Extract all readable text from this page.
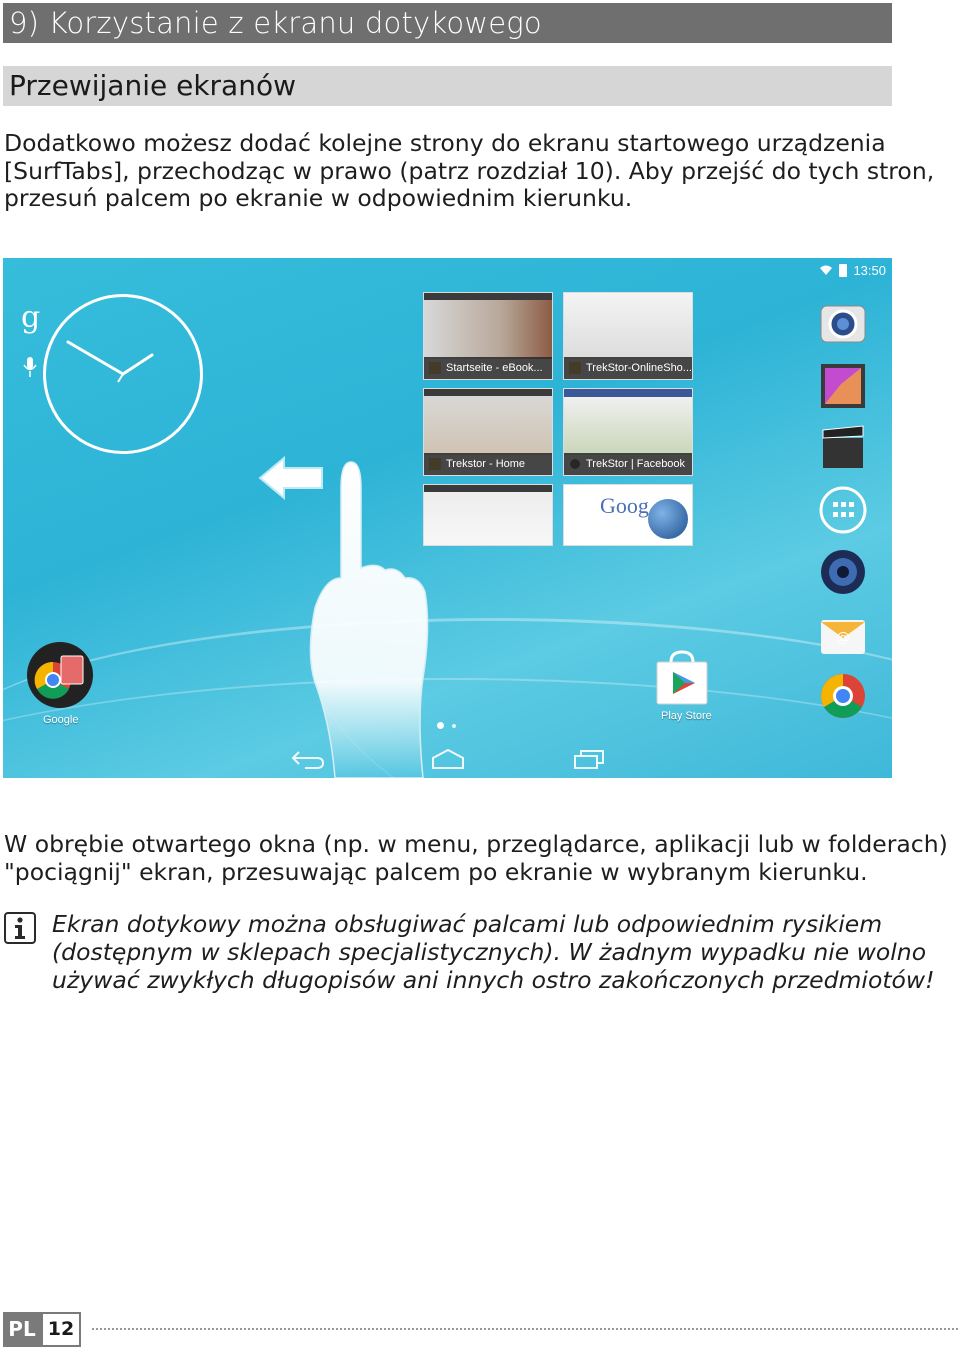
9) Korzystanie z ekranu dotykowego
Przewijanie ekranów

Dodatkowo możesz dodać kolejne strony do ekranu startowego urządzenia

[SurfTabs], przechodząc w prawo (patrz rozdział 10). Aby przejść do tych stron,

przesuń palcem po ekranie w odpowiednim kierunku.

13:50
g
Startseite - eBook...	TrekStor-OnlineSho...
Trekstor - Home	TrekStor | Facebook
Goog
@
Google	Play Store

W obrębie otwartego okna (np. w menu, przeglądarce, aplikacji lub w folderach)

"pociągnij" ekran, przesuwając palcem po ekranie w wybranym kierunku.

Ekran dotykowy można obsługiwać palcami lub odpowiednim rysikiem

(dostępnym w sklepach specjalistycznych). W żadnym wypadku nie wolno

używać zwykłych długopisów ani innych ostro zakończonych przedmiotów!

PL 12
